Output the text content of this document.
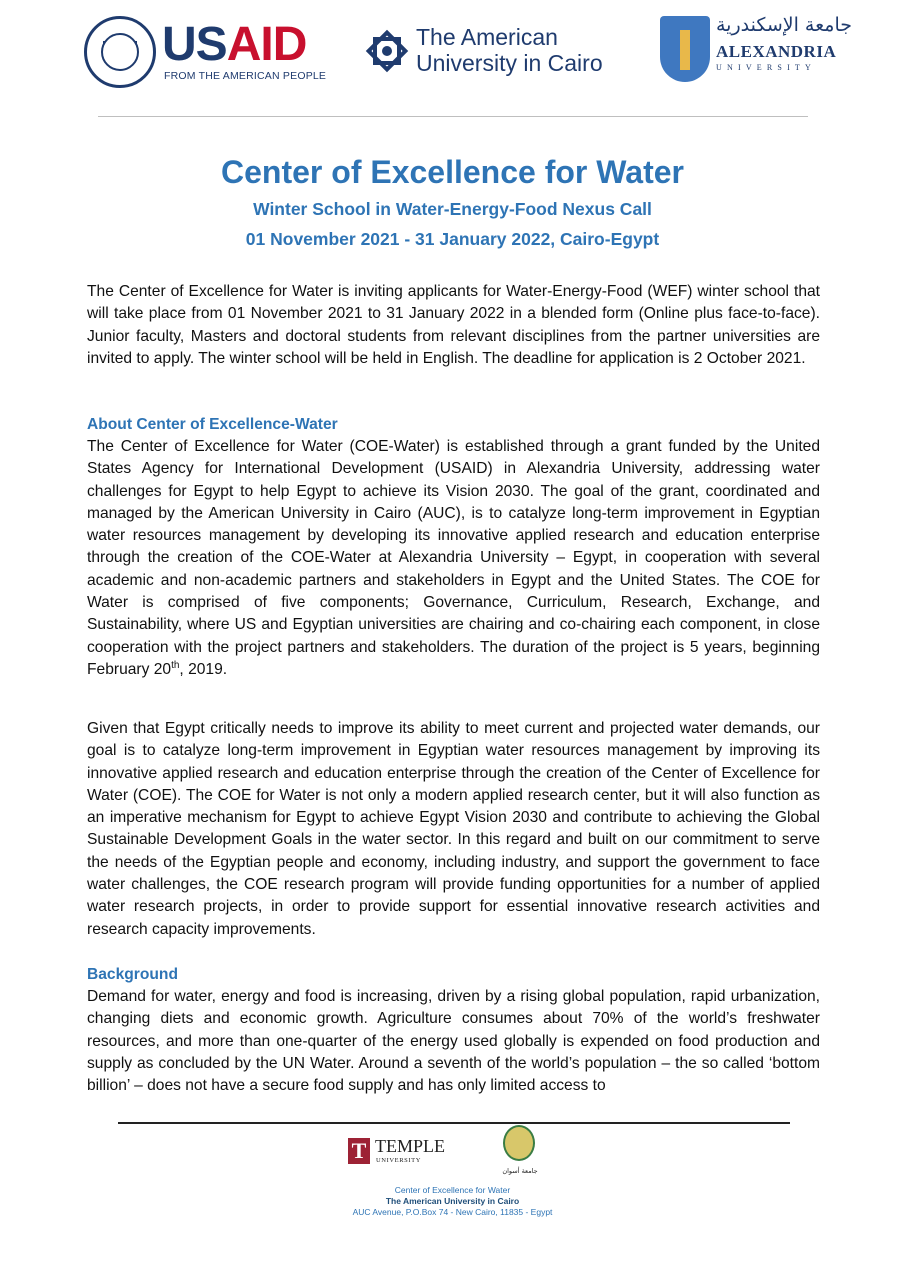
USAID
FROM THE AMERICAN PEOPLE
The American
University in Cairo
جامعة الإسكندرية
ALEXANDRIA
UNIVERSITY
Center of Excellence for Water
Winter School in Water-Energy-Food Nexus Call
01 November 2021 - 31 January 2022, Cairo-Egypt
The Center of Excellence for Water is inviting applicants for Water-Energy-Food (WEF) winter school that will take place from 01 November 2021 to 31 January 2022 in a blended form (Online plus face-to-face). Junior faculty, Masters and doctoral students from relevant disciplines from the partner universities are invited to apply. The winter school will be held in English. The deadline for application is 2 October 2021.
About Center of Excellence-Water
The Center of Excellence for Water (COE-Water) is established through a grant funded by the United States Agency for International Development (USAID) in Alexandria University, addressing water challenges for Egypt to help Egypt to achieve its Vision 2030. The goal of the grant, coordinated and managed by the American University in Cairo (AUC), is to catalyze long-term improvement in Egyptian water resources management by developing its innovative applied research and education enterprise through the creation of the COE-Water at Alexandria University – Egypt, in cooperation with several academic and non-academic partners and stakeholders in Egypt and the United States. The COE for Water is comprised of five components; Governance, Curriculum, Research, Exchange, and Sustainability, where US and Egyptian universities are chairing and co-chairing each component, in close cooperation with the project partners and stakeholders. The duration of the project is 5 years, beginning February 20th, 2019.
Given that Egypt critically needs to improve its ability to meet current and projected water demands, our goal is to catalyze long-term improvement in Egyptian water resources management by improving its innovative applied research and education enterprise through the creation of the Center of Excellence for Water (COE). The COE for Water is not only a modern applied research center, but it will also function as an imperative mechanism for Egypt to achieve Egypt Vision 2030 and contribute to achieving the Global Sustainable Development Goals in the water sector. In this regard and built on our commitment to serve the needs of the Egyptian people and economy, including industry, and support the government to face water challenges, the COE research program will provide funding opportunities for a number of applied water research projects, in order to provide support for essential innovative research activities and research capacity improvements.
Background
Demand for water, energy and food is increasing, driven by a rising global population, rapid urbanization, changing diets and economic growth. Agriculture consumes about 70% of the world’s freshwater resources, and more than one-quarter of the energy used globally is expended on food production and supply as concluded by the UN Water. Around a seventh of the world’s population – the so called ‘bottom billion’ – does not have a secure food supply and has only limited access to
T TEMPLE
UNIVERSITY
جامعة أسوان
Center of Excellence for Water
The American University in Cairo
AUC Avenue, P.O.Box 74 - New Cairo, 11835 - Egypt
